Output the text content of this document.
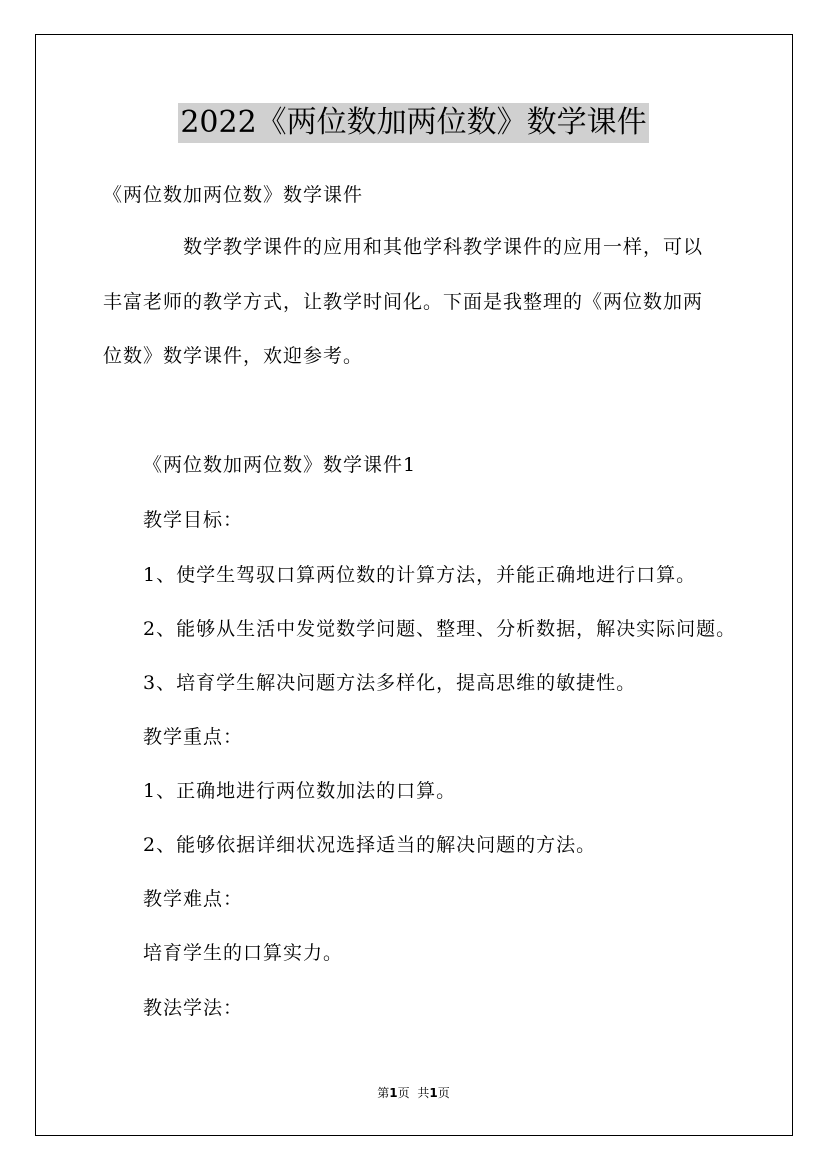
2022《两位数加两位数》数学课件
《两位数加两位数》数学课件
数学教学课件的应用和其他学科教学课件的应用一样，可以
丰富老师的教学方式，让教学时间化。下面是我整理的《两位数加两
位数》数学课件，欢迎参考。
《两位数加两位数》数学课件1
教学目标：
1、使学生驾驭口算两位数的计算方法，并能正确地进行口算。
2、能够从生活中发觉数学问题、整理、分析数据，解决实际问题。
3、培育学生解决问题方法多样化，提高思维的敏捷性。
教学重点：
1、正确地进行两位数加法的口算。
2、能够依据详细状况选择适当的解决问题的方法。
教学难点：
培育学生的口算实力。
教法学法：
第1页 共1页
